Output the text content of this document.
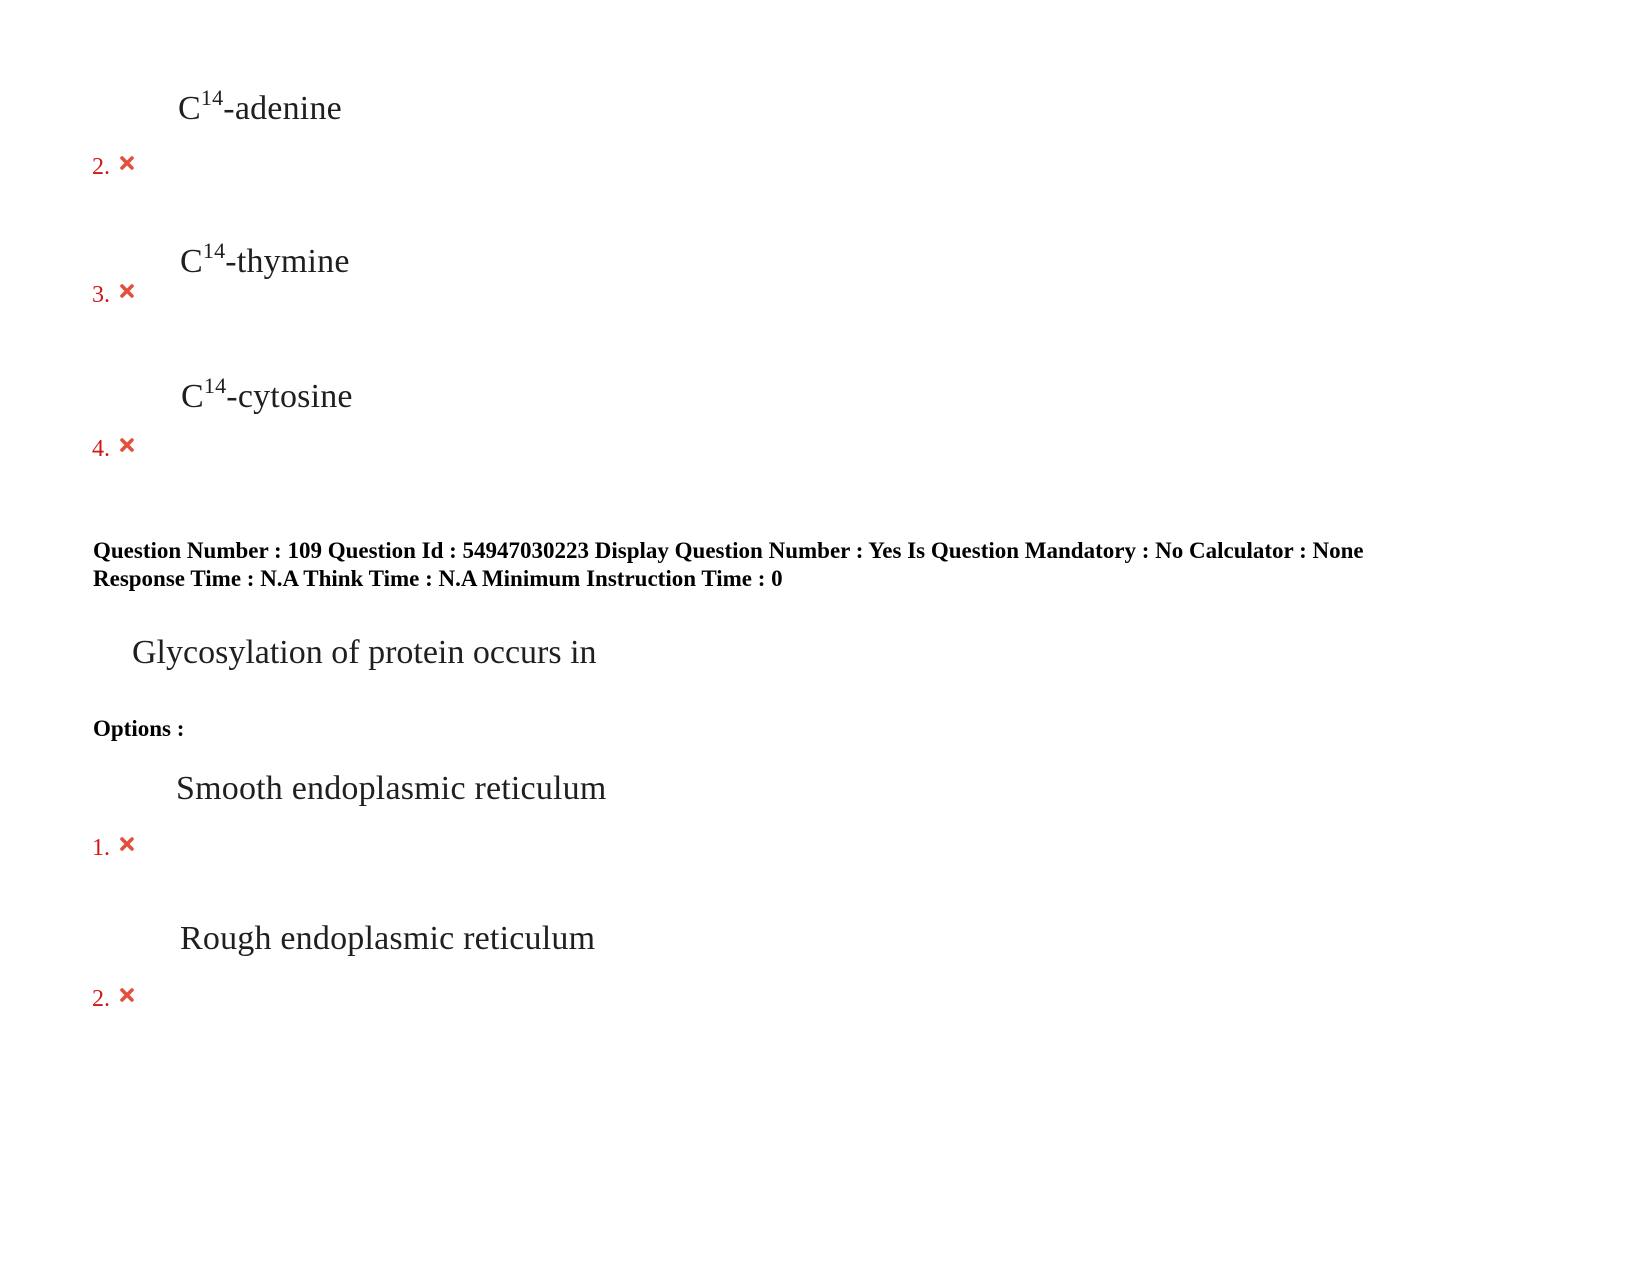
$C^{14}$-adenine
2.
$C^{14}$-thymine
3.
$C^{14}$-cytosine
4.
Question Number : 109 Question Id : 54947030223 Display Question Number : Yes Is Question Mandatory : No Calculator : None
Response Time : N.A Think Time : N.A Minimum Instruction Time : 0
Glycosylation of protein occurs in
Options :
Smooth endoplasmic reticulum
1.
Rough endoplasmic reticulum
2.
